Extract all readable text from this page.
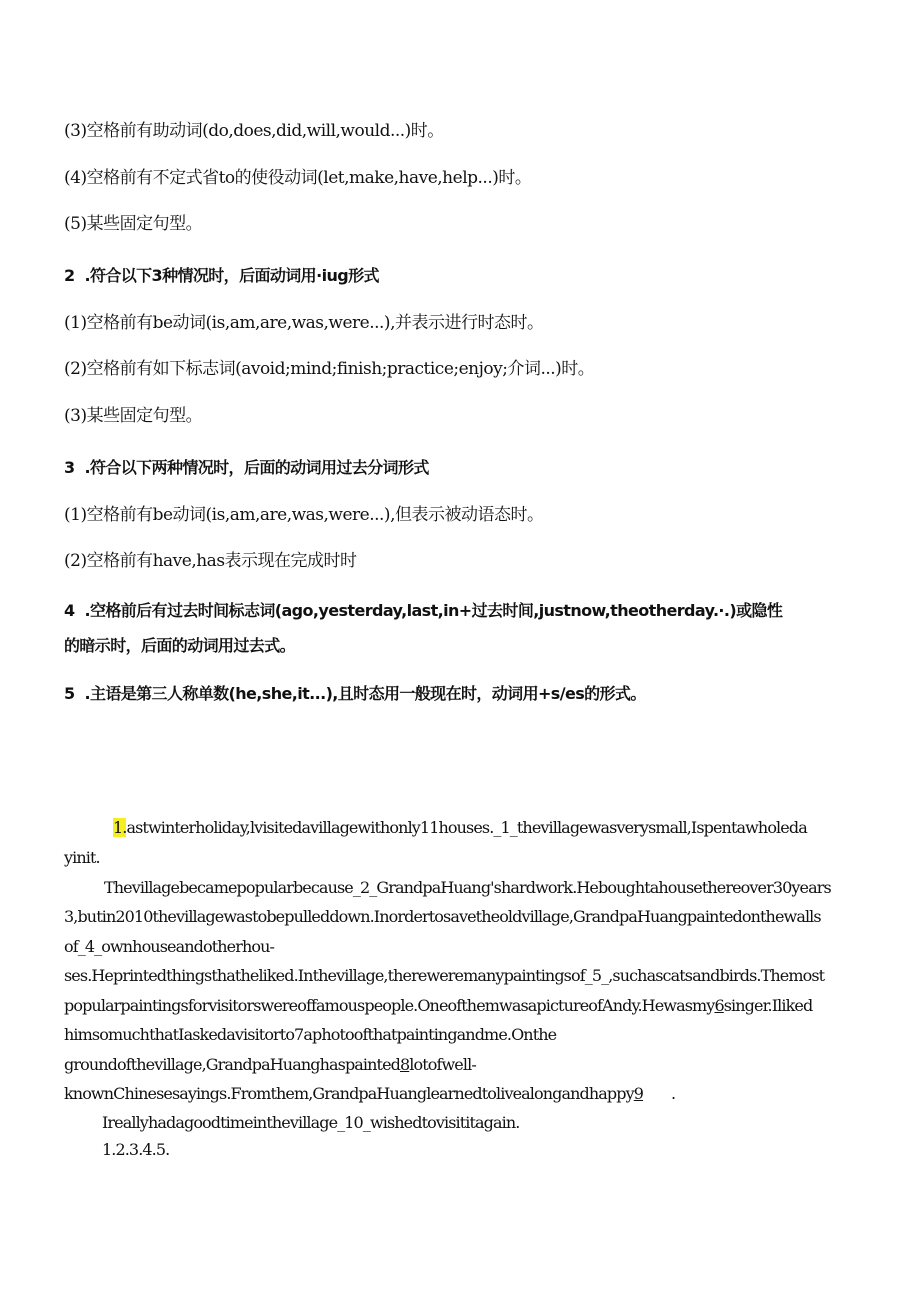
(3)空格前有助动词(do,does,did,will,would...)时。
(4)空格前有不定式省to的使役动词(let,make,have,help...)时。
(5)某些固定句型。
2  .符合以下3种情况时，后面动词用·iug形式
(1)空格前有be动词(is,am,are,was,were...),并表示进行时态时。
(2)空格前有如下标志词(avoid;mind;finish;practice;enjoy;介词...)时。
(3)某些固定句型。
3  .符合以下两种情况时，后面的动词用过去分词形式
(1)空格前有be动词(is,am,are,was,were...),但表示被动语态时。
(2)空格前有have,has表示现在完成时时
4  .空格前后有过去时间标志词(ago,yesterday,last,in+过去时间,justnow,theotherday.·.)或隐性
的暗示时，后面的动词用过去式。
5  .主语是第三人称单数(he,she,it...),且时态用一般现在时，动词用+s∕es的形式。
1.astwinterholiday,lvisitedavillagewithonly11houses._1_thevillagewasverysmall,Ispentawholeda
yinit.
Thevillagebecamepopularbecause_2_GrandpaHuang'shardwork.Heboughtahousethereover30years
3,butin2010thevillagewastobepulleddown.Inordertosavetheoldvillage,GrandpaHuangpaintedonthewalls
of_4_ownhouseandotherhou-
ses.Heprintedthingsthatheliked.Inthevillage,thereweremanypaintingsof_5_,suchascatsandbirds.Themost
popularpaintingsforvisitorswereoffamouspeople.OneofthemwasapictureofAndy.Hewasmy6singer.Iliked
himsomuchthatIaskedavisitorto7aphotoofthatpaintingandme.Onthe
groundofthevillage,GrandpaHuanghaspainted8lotofwell-
knownChinesesayings.Fromthem,GrandpaHuanglearnedtolivealongandhappy9 .
Ireallyhadagoodtimeinthevillage_10_wishedtovisititagain.
1.2.3.4.5.
